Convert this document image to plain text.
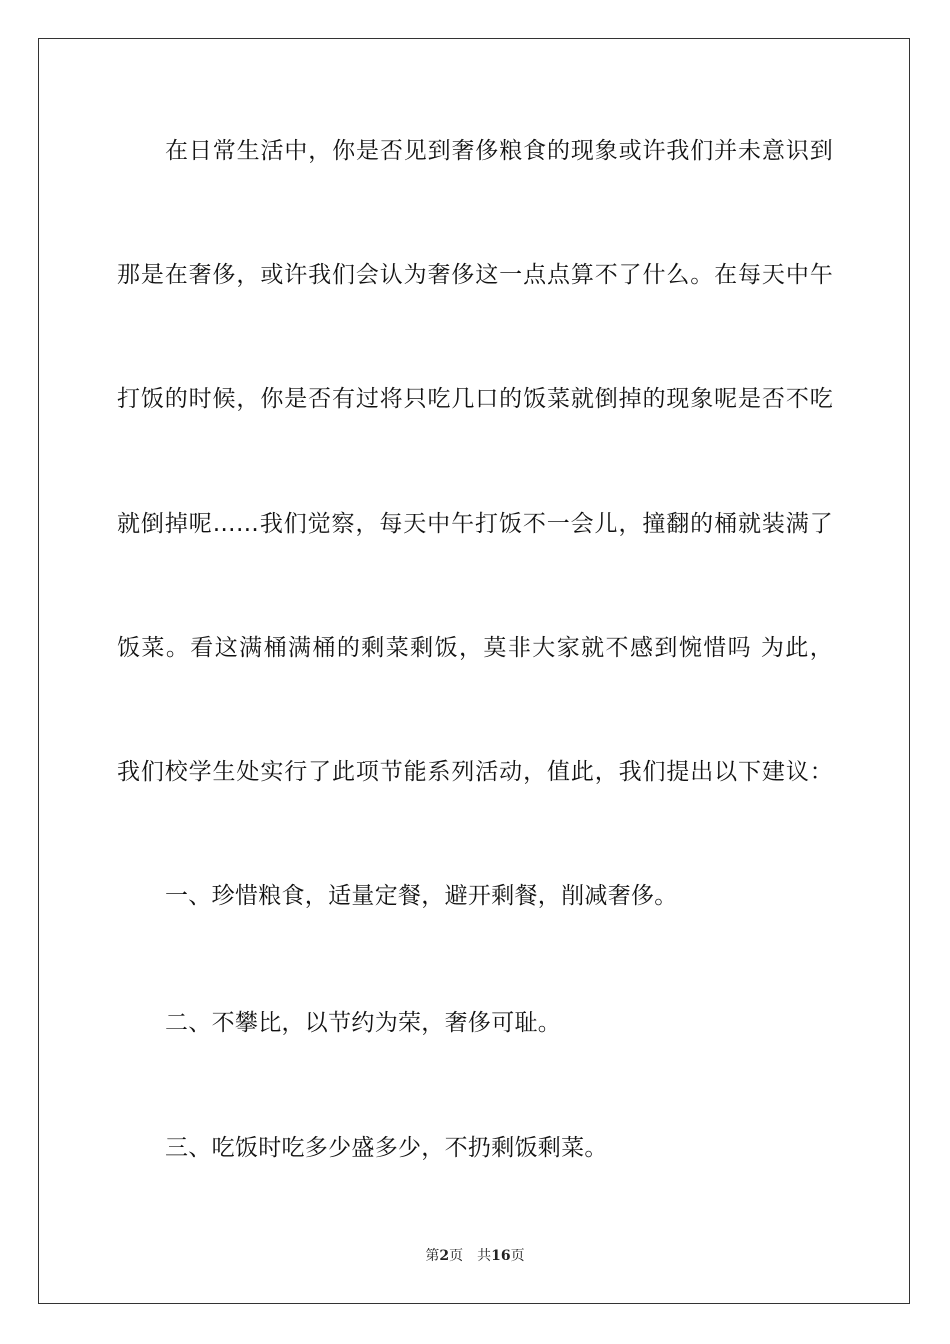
在日常生活中，你是否见到奢侈粮食的现象或许我们并未意识到
那是在奢侈，或许我们会认为奢侈这一点点算不了什么。在每天中午
打饭的时候，你是否有过将只吃几口的饭菜就倒掉的现象呢是否不吃
就倒掉呢……我们觉察，每天中午打饭不一会儿，撞翻的桶就装满了
饭菜。看这满桶满桶的剩菜剩饭，莫非大家就不感到惋惜吗 为此，
我们校学生处实行了此项节能系列活动，值此，我们提出以下建议：
一、珍惜粮食，适量定餐，避开剩餐，削减奢侈。
二、不攀比，以节约为荣，奢侈可耻。
三、吃饭时吃多少盛多少，不扔剩饭剩菜。
第2页 共16页
